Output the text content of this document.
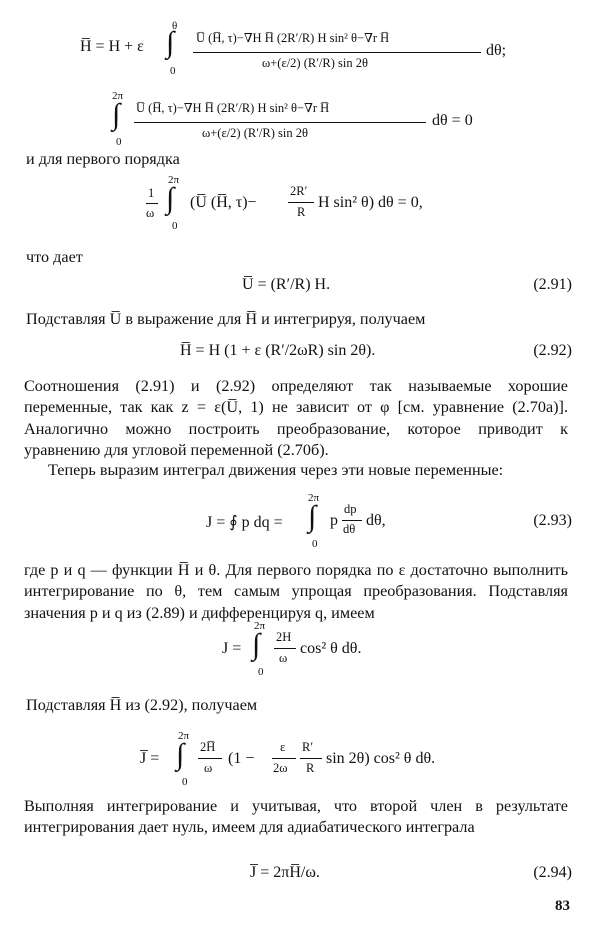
H̅ = H + ε ∫
θ
0
U̅ (H̅, τ)−∇H H̅ (2R′/R) H sin² θ−∇r H̅
ω+(ε/2) (R′/R) sin 2θ
dθ;
∫
2π
0
U̅ (H̅, τ)−∇H H̅ (2R′/R) H sin² θ−∇r H̅
ω+(ε/2) (R′/R) sin 2θ
dθ = 0
и для первого порядка
1
ω ∫
2π
0
(U̅ (H̅, τ)−
2R′
R
H sin² θ) dθ = 0,
что дает
U̅ = (R′/R) H.	(2.91)
Подставляя U̅ в выражение для H̅ и интегрируя, получаем
H̅ = H (1 + ε (R′/2ωR) sin 2θ).	(2.92)
Соотношения (2.91) и (2.92) определяют так называемые хорошие переменные, так как z = ε(U̅, 1) не зависит от φ [см. уравнение (2.70а)]. Аналогично можно построить преобразование, которое приводит к уравнению для угловой переменной (2.70б).
Теперь выразим интеграл движения через эти новые переменные:
J = ∮ p dq = ∫
2π
0
p
dp
dθ dθ,	(2.93)
где p и q — функции H̅ и θ. Для первого порядка по ε достаточно выполнить интегрирование по θ, тем самым упрощая преобразования. Подставляя значения p и q из (2.89) и дифференцируя q, имеем
J = ∫
2π
0
2H
ω
cos² θ dθ.
Подставляя H̅ из (2.92), получаем
J̅ = ∫
2π
0
2H̅
ω
(1 −
ε
2ω
R′
R
sin 2θ) cos² θ dθ.
Выполняя интегрирование и учитывая, что второй член в результате интегрирования дает нуль, имеем для адиабатического интеграла
J̅ = 2πH̅/ω.	(2.94)
83
